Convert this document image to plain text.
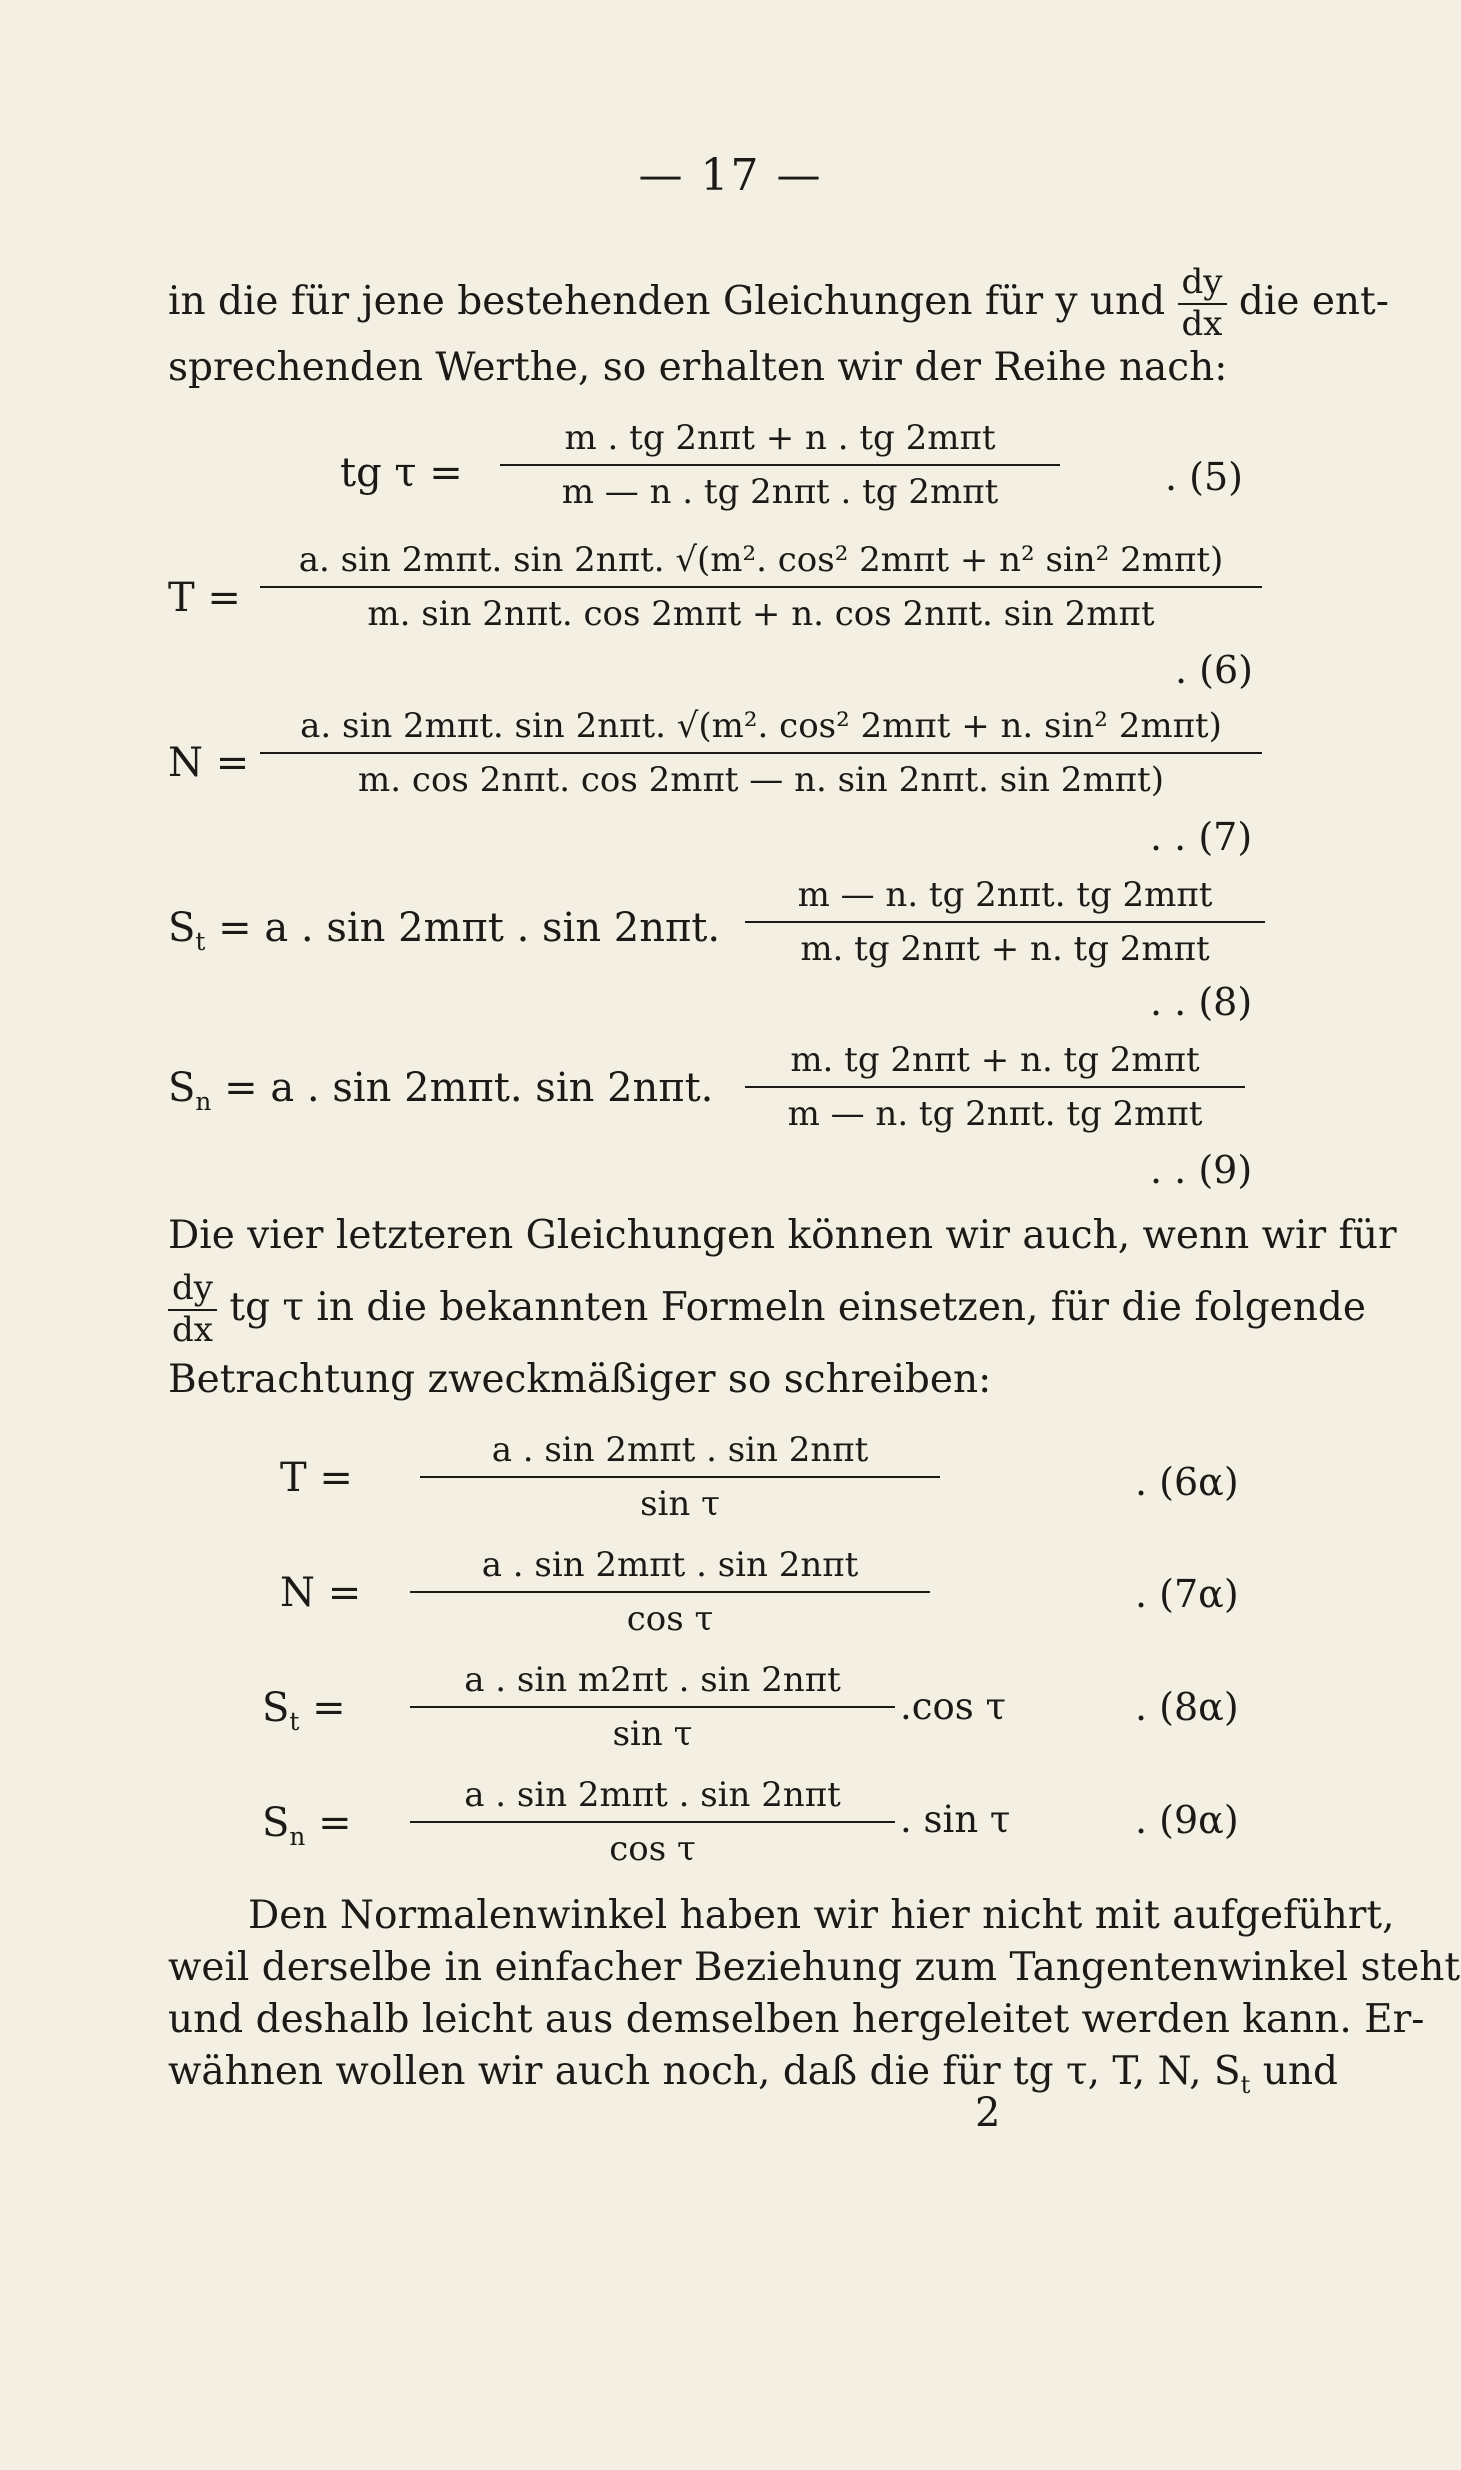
— 17 —
in die für jene bestehenden Gleichungen für y und $\frac{dy}{dx}$ die ent-
sprechenden Werthe, so erhalten wir der Reihe nach:
tg τ =
m . tg 2nπt + n . tg 2mπt
m — n . tg 2nπt . tg 2mπt	. (5)
T =
a. sin 2mπt. sin 2nπt. √(m². cos² 2mπt + n² sin² 2mπt)
m. sin 2nπt. cos 2mπt + n. cos 2nπt. sin 2mπt
. (6)
N =
a. sin 2mπt. sin 2nπt. √(m². cos² 2mπt + n. sin² 2mπt)
m. cos 2nπt. cos 2mπt — n. sin 2nπt. sin 2mπt)
. . (7)
$S_t = a$ . sin 2mπt . sin 2nπt.
m — n. tg 2nπt. tg 2mπt
m. tg 2nπt + n. tg 2mπt
. . (8)
$S_n = a$ . sin 2mπt. sin 2nπt.
m. tg 2nπt + n. tg 2mπt
m — n. tg 2nπt. tg 2mπt
. . (9)
Die vier letzteren Gleichungen können wir auch, wenn wir für
$\frac{dy}{dx}$ tg τ in die bekannten Formeln einsetzen, für die folgende
Betrachtung zweckmäßiger so schreiben:
T =
a . sin 2mπt . sin 2nπt
sin τ	. (6α)
N =
a . sin 2mπt . sin 2nπt
cos τ
. (7α)
$S_t$ =
a . sin m2πt . sin 2nπt
sin τ
.cos τ	. (8α)
$S_n$ =
a . sin 2mπt . sin 2nπt
cos τ
. sin τ	. (9α)
Den Normalenwinkel haben wir hier nicht mit aufgeführt,
weil derselbe in einfacher Beziehung zum Tangentenwinkel steht
und deshalb leicht aus demselben hergeleitet werden kann. Er-
wähnen wollen wir auch noch, daß die für tg τ, T, N, $S_t$ und
2
